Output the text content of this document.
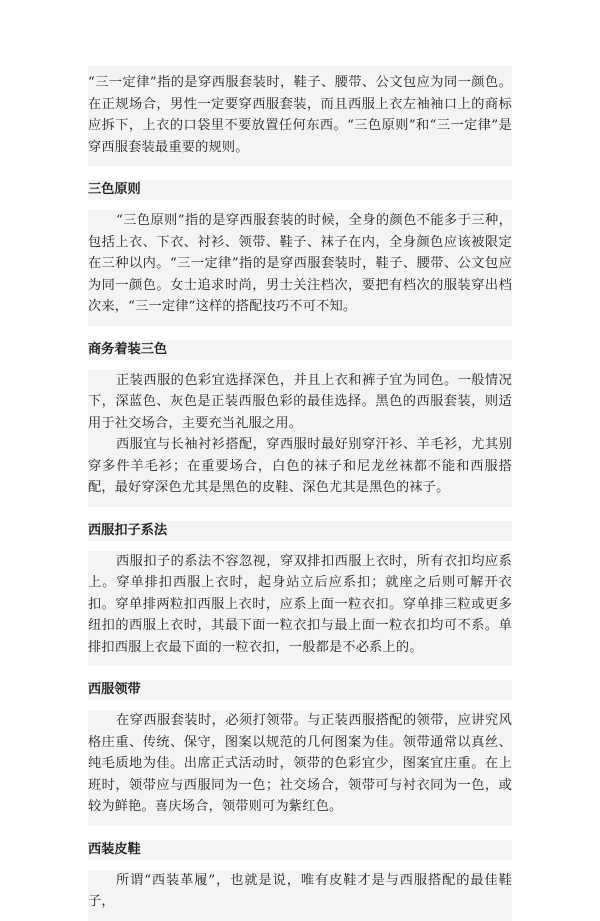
“三一定律”指的是穿西服套装时，鞋子、腰带、公文包应为同一颜色。 在正规场合，男性一定要穿西服套装，而且西服上衣左袖袖口上的商标应拆下，上衣的口袋里不要放置任何东西。“三色原则”和“三一定律”是穿西服套装最重要的规则。

三色原则

“三色原则”指的是穿西服套装的时候，全身的颜色不能多于三种，包括上衣、下衣、衬衫、领带、鞋子、袜子在内，全身颜色应该被限定在三种以内。“三一定律”指的是穿西服套装时，鞋子、腰带、公文包应为同一颜色。女士追求时尚，男士关注档次，要把有档次的服装穿出档次来，“三一定律”这样的搭配技巧不可不知。

商务着装三色

正装西服的色彩宜选择深色，并且上衣和裤子宜为同色。一般情况下，深蓝色、灰色是正装西服色彩的最佳选择。黑色的西服套装，则适用于社交场合，主要充当礼服之用。

西服宜与长袖衬衫搭配，穿西服时最好别穿汗衫、羊毛衫，尤其别穿多件羊毛衫；在重要场合，白色的袜子和尼龙丝袜都不能和西服搭配，最好穿深色尤其是黑色的皮鞋、深色尤其是黑色的袜子。

西服扣子系法

西服扣子的系法不容忽视，穿双排扣西服上衣时，所有衣扣均应系上。穿单排扣西服上衣时，起身站立后应系扣；就座之后则可解开衣扣。穿单排两粒扣西服上衣时，应系上面一粒衣扣。穿单排三粒或更多纽扣的西服上衣时，其最下面一粒衣扣与最上面一粒衣扣均可不系。单排扣西服上衣最下面的一粒衣扣，一般都是不必系上的。

西服领带

在穿西服套装时，必须打领带。与正装西服搭配的领带，应讲究风格庄重、传统、保守，图案以规范的几何图案为佳。领带通常以真丝、纯毛质地为佳。出席正式活动时，领带的色彩宜少，图案宜庄重。在上班时，领带应与西服同为一色；社交场合，领带可与衬衣同为一色，或较为鲜艳。喜庆场合，领带则可为紫红色。

西装皮鞋

所谓“西装革履”，也就是说，唯有皮鞋才是与西服搭配的最佳鞋子，
